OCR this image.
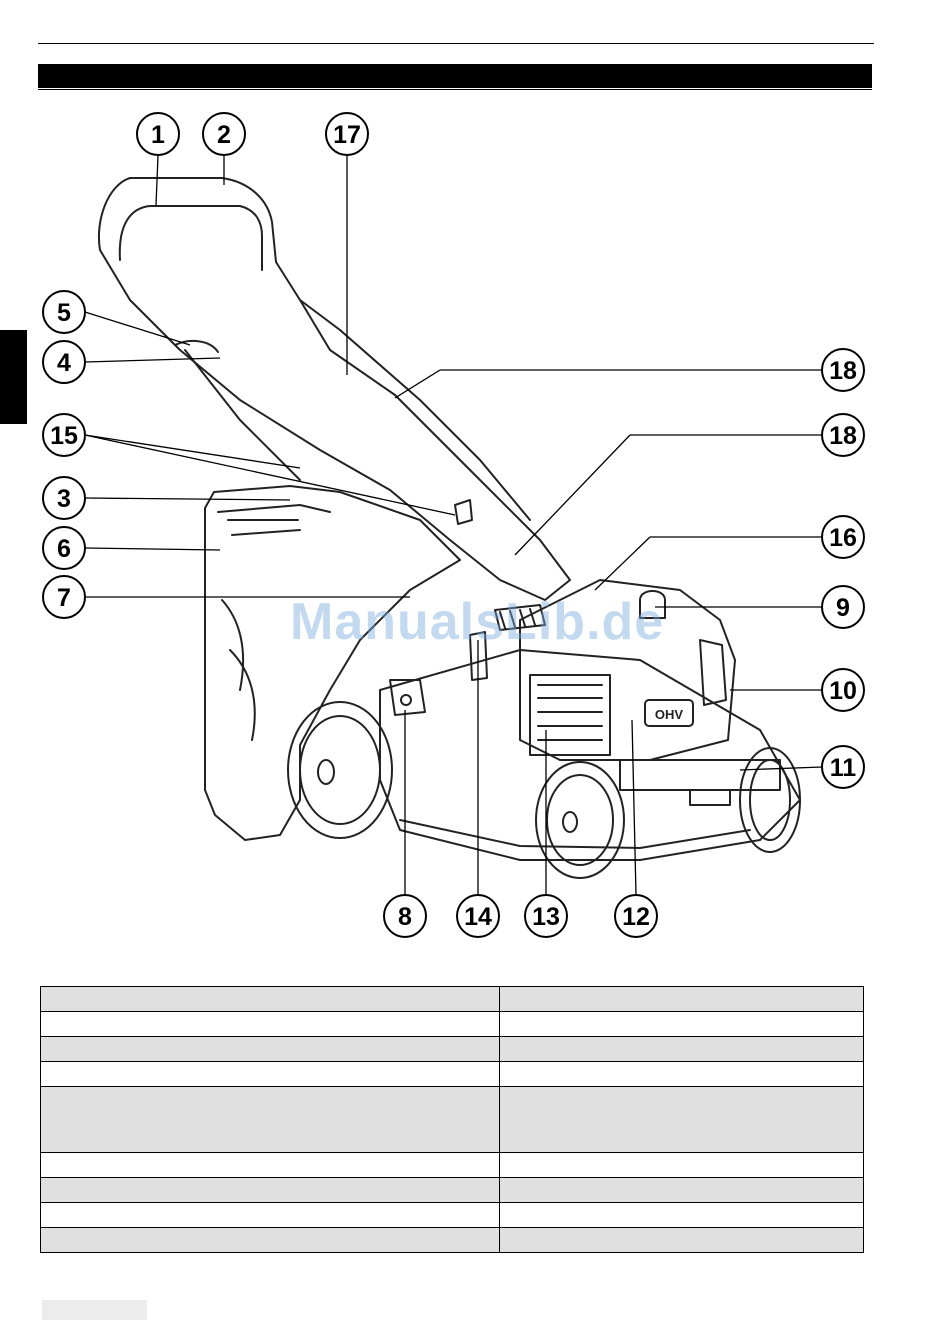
OHV
1 2	17
5
4
15
3
6
7
18
18
16
9
10
11
8 14 13 12
ManualsLib.de
